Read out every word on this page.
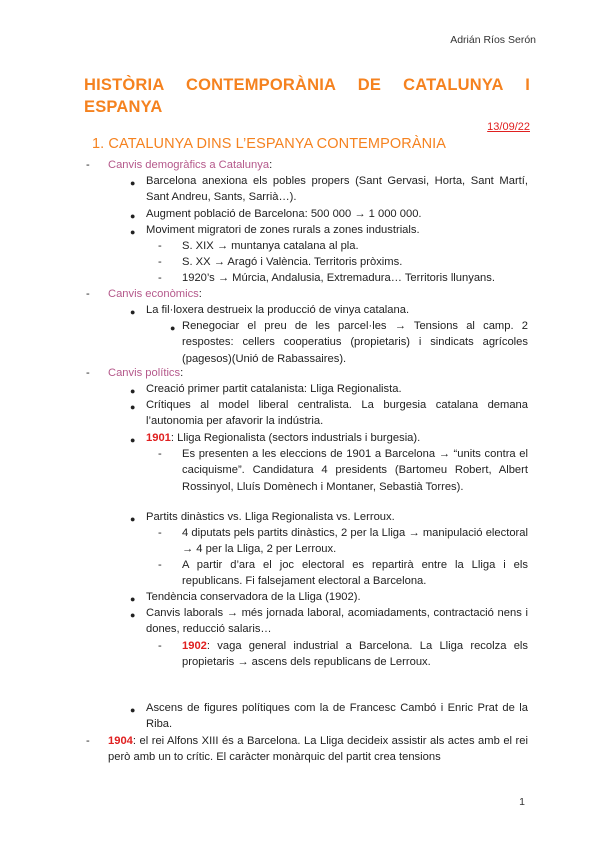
Adrián Ríos Serón
HISTÒRIA CONTEMPORÀNIA DE CATALUNYA I ESPANYA
13/09/22
1. CATALUNYA DINS L’ESPANYA CONTEMPORÀNIA
- Canvis demogràfics a Catalunya:
● Barcelona anexiona els pobles propers (Sant Gervasi, Horta, Sant Martí, Sant Andreu, Sants, Sarrià…).
● Augment població de Barcelona: 500 000 → 1 000 000.
● Moviment migratori de zones rurals a zones industrials.
- S. XIX → muntanya catalana al pla.
- S. XX → Aragó i València. Territoris pròxims.
- 1920’s → Múrcia, Andalusia, Extremadura… Territoris llunyans.
- Canvis econòmics:
● La fil·loxera destrueix la producció de vinya catalana.
● Renegociar el preu de les parcel·les → Tensions al camp. 2 respostes: cellers cooperatius (propietaris) i sindicats agrícoles (pagesos)(Unió de Rabassaires).
- Canvis polítics:
● Creació primer partit catalanista: Lliga Regionalista.
● Crítiques al model liberal centralista. La burgesia catalana demana l’autonomia per afavorir la indústria.
● 1901: Lliga Regionalista (sectors industrials i burgesia).
- Es presenten a les eleccions de 1901 a Barcelona → “units contra el caciquisme”. Candidatura 4 presidents (Bartomeu Robert, Albert Rossinyol, Lluís Domènech i Montaner, Sebastià Torres).
● Partits dinàstics vs. Lliga Regionalista vs. Lerroux.
- 4 diputats pels partits dinàstics, 2 per la Lliga → manipulació electoral → 4 per la Lliga, 2 per Lerroux.
- A partir d’ara el joc electoral es repartirà entre la Lliga i els republicans. Fi falsejament electoral a Barcelona.
● Tendència conservadora de la Lliga (1902).
● Canvis laborals → més jornada laboral, acomiadaments, contractació nens i dones, reducció salaris…
- 1902: vaga general industrial a Barcelona. La Lliga recolza els propietaris → ascens dels republicans de Lerroux.
● Ascens de figures polítiques com la de Francesc Cambó i Enric Prat de la Riba.
- 1904: el rei Alfons XIII és a Barcelona. La Lliga decideix assistir als actes amb el rei però amb un to crític. El caràcter monàrquic del partit crea tensions
1
